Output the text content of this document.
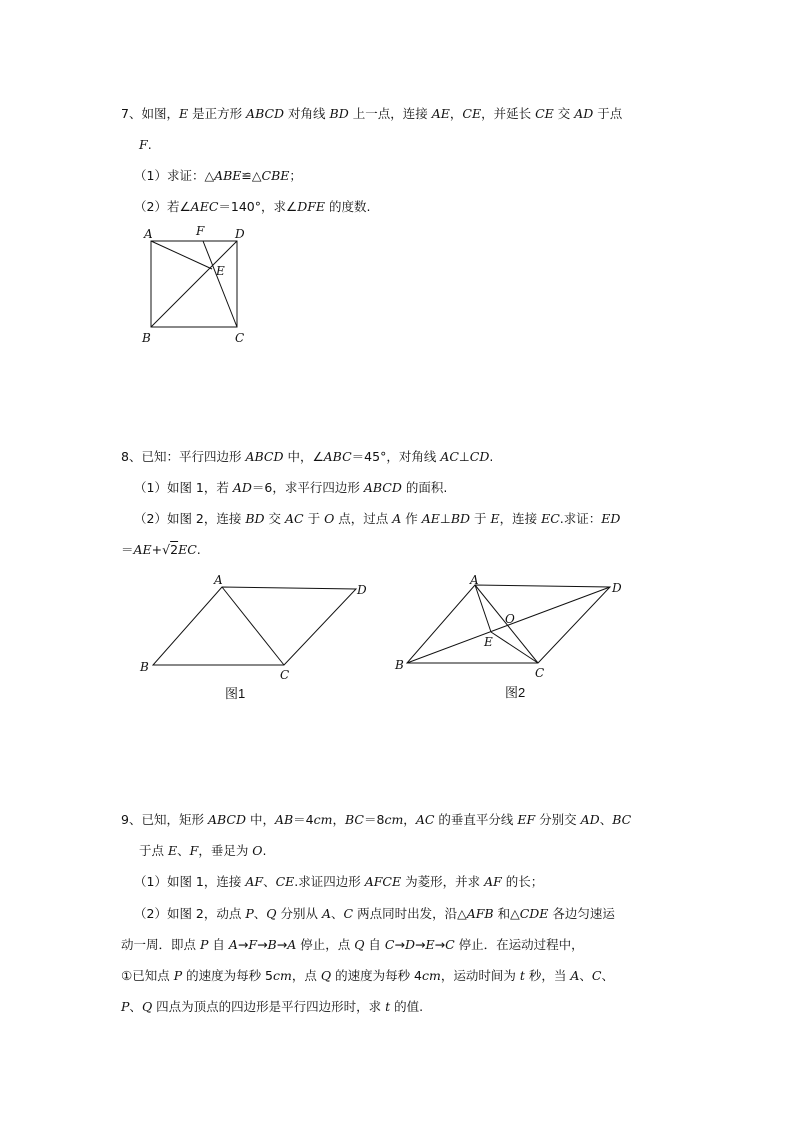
7、如图，E 是正方形 ABCD 对角线 BD 上一点，连接 AE，CE，并延长 CE 交 AD 于点
F.
（1）求证：△ABE≌△CBE；
（2）若∠AEC＝140°，求∠DFE 的度数.
A	F	D
E
B	C
8、已知：平行四边形 ABCD 中，∠ABC＝45°，对角线 AC⊥CD.
（1）如图 1，若 AD＝6，求平行四边形 ABCD 的面积.
（2）如图 2，连接 BD 交 AC 于 O 点，过点 A 作 AE⊥BD 于 E，连接 EC.求证：ED
＝AE+√2EC.
A
D
B
C
图1
A
D
O
E
B
C
图2
9、已知，矩形 ABCD 中，AB＝4cm，BC＝8cm，AC 的垂直平分线 EF 分别交 AD、BC
于点 E、F，垂足为 O.
（1）如图 1，连接 AF、CE.求证四边形 AFCE 为菱形，并求 AF 的长；
（2）如图 2，动点 P、Q 分别从 A、C 两点同时出发，沿△AFB 和△CDE 各边匀速运
动一周．即点 P 自 A→F→B→A 停止，点 Q 自 C→D→E→C 停止．在运动过程中，
①已知点 P 的速度为每秒 5cm，点 Q 的速度为每秒 4cm，运动时间为 t 秒，当 A、C、
P、Q 四点为顶点的四边形是平行四边形时，求 t 的值.
